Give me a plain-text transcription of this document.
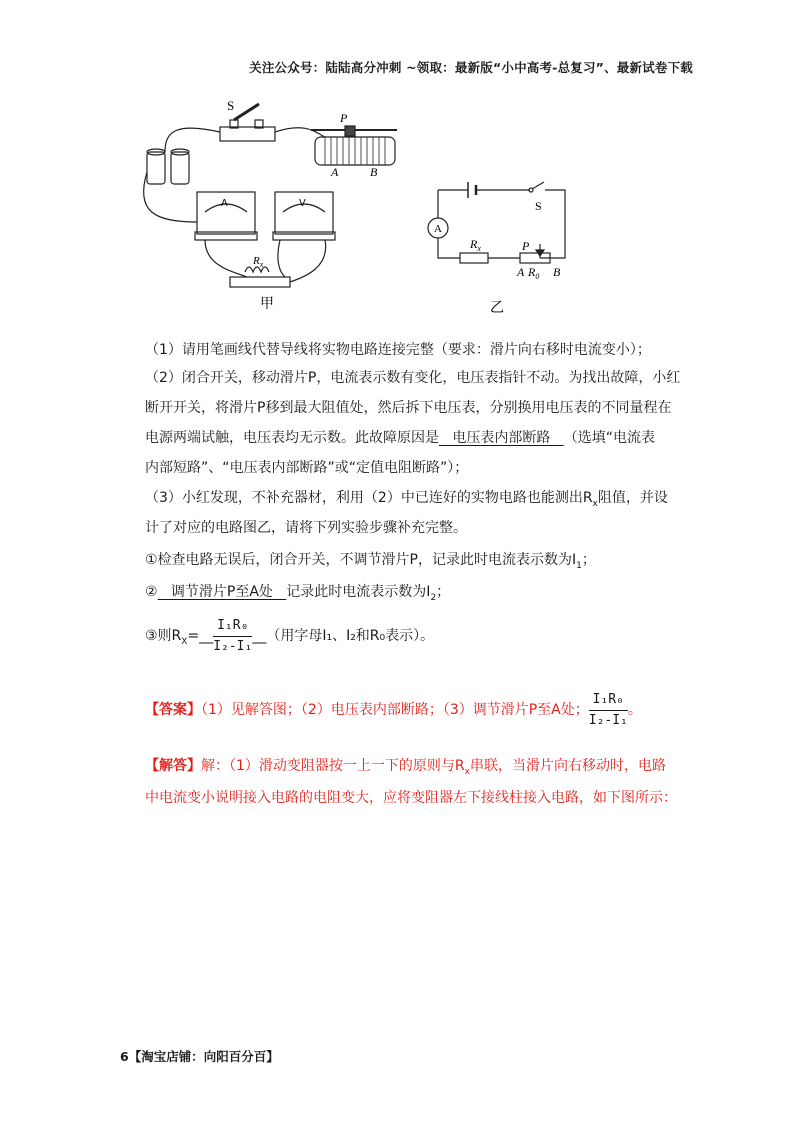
关注公众号：陆陆高分冲刺 ~领取：最新版“小中高考-总复习”、最新试卷下载
S
P
A	B
A	V
$R_x$
甲
A
S
$R_x$	P
A $R_0$ B
乙
（1）请用笔画线代替导线将实物电路连接完整（要求：滑片向右移时电流变小）；
（2）闭合开关，移动滑片P，电流表示数有变化，电压表指针不动。为找出故障，小红
断开开关，将滑片P移到最大阻值处，然后拆下电压表，分别换用电压表的不同量程在
电源两端试触，电压表均无示数。此故障原因是   电压表内部断路   （选填“电流表
内部短路”、“电压表内部断路”或“定值电阻断路”）；
（3）小红发现，不补充器材，利用（2）中已连好的实物电路也能测出$R_x$阻值，并设
计了对应的电路图乙，请将下列实验步骤补充完整。
①检查电路无误后，闭合开关，不调节滑片P，记录此时电流表示数为$I_1$；
②   调节滑片P至A处   记录此时电流表示数为$I_2$；
③则$R_X=\_\_ \frac{\text{I₁R₀}}{\text{I₂-I₁}}$ __（用字母I₁、I₂和R₀表示）。
【答案】（1）见解答图；（2）电压表内部断路；（3）调节滑片P至A处； $\frac{\text{I₁R₀}}{\text{I₂-I₁}}$ 。
【解答】解：（1）滑动变阻器按一上一下的原则与$R_x$串联，当滑片向右移动时，电路
中电流变小说明接入电路的电阻变大，应将变阻器左下接线柱接入电路，如下图所示：
6【淘宝店铺：向阳百分百】
